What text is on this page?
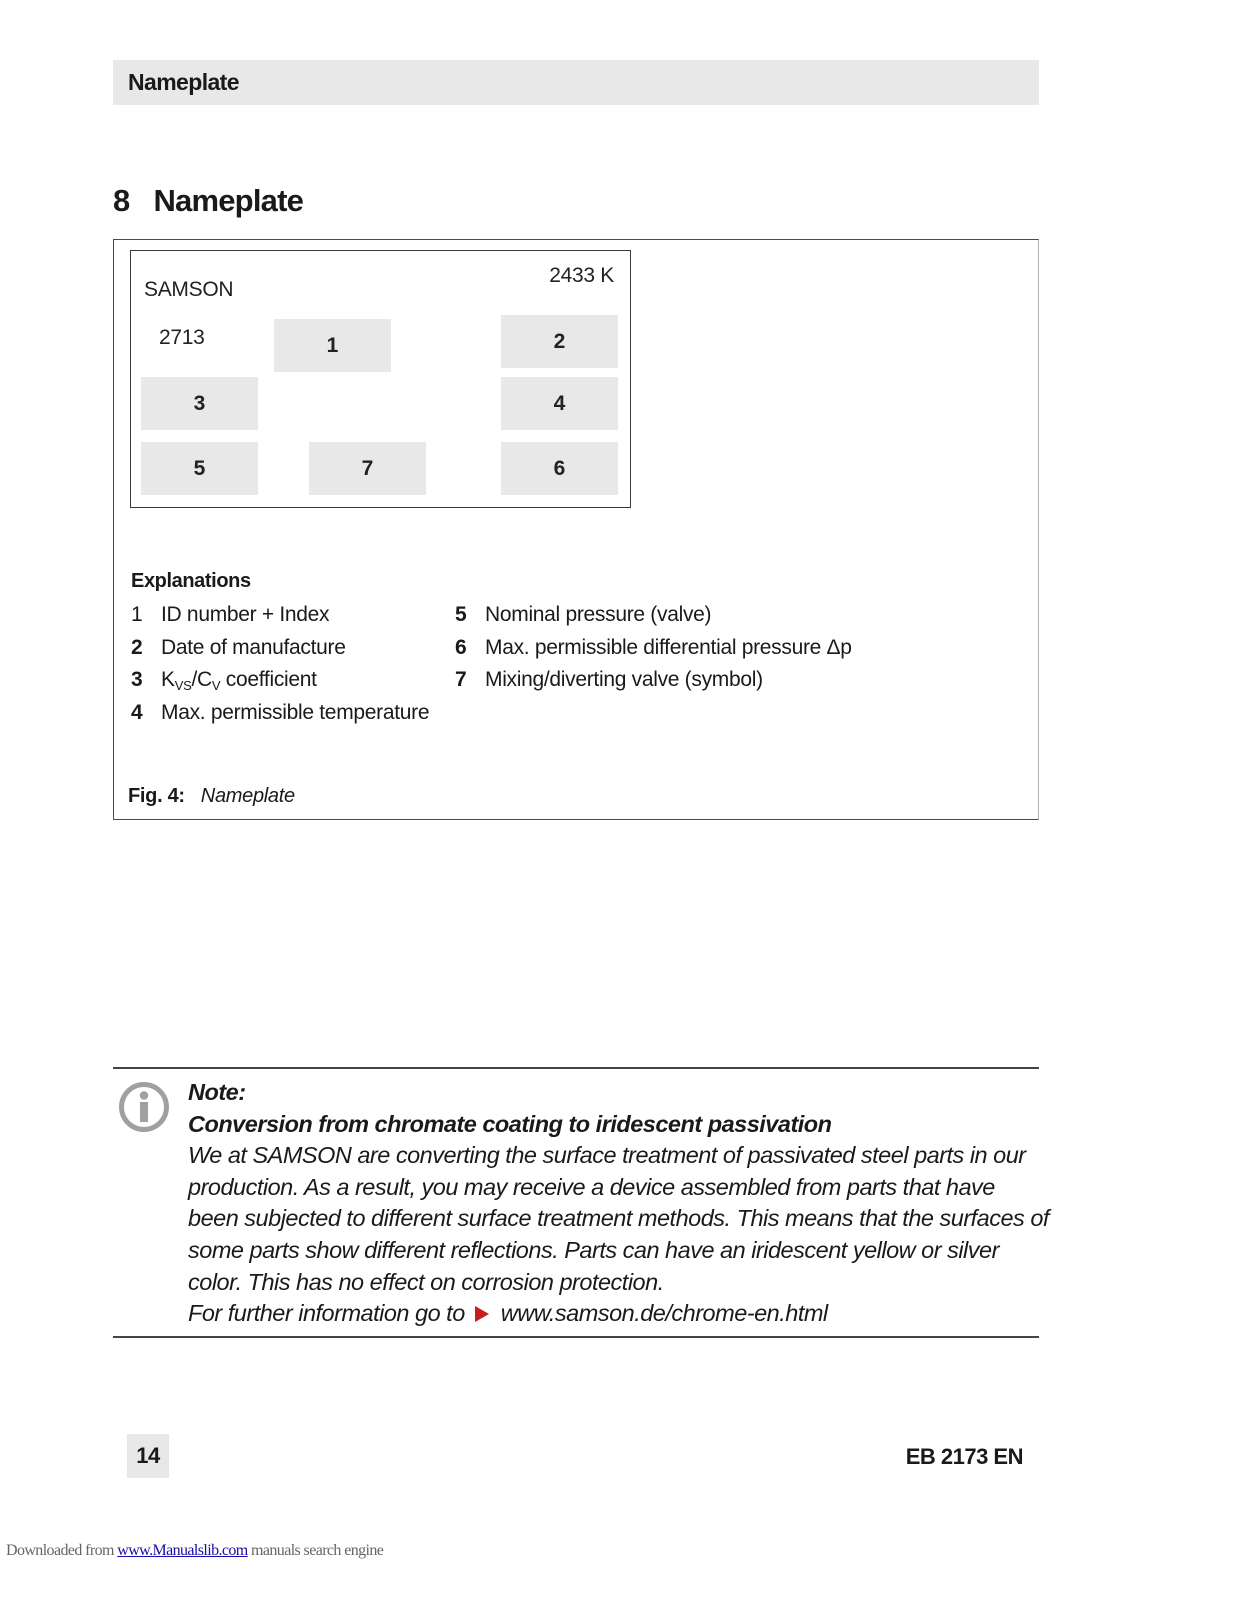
Nameplate
8 Nameplate
SAMSON
2433 K
2713	1	2
3	4
5	6
7
Explanations
1 ID number + Index
2 Date of manufacture
3 $K_{VS}/C_V$ coefficient
4 Max. permissible temperature
5 Nominal pressure (valve)
6 Max. permissible differential pressure Δp
7 Mixing/diverting valve (symbol)
Fig. 4: Nameplate
Note:
Conversion from chromate coating to iridescent passivation
We at SAMSON are converting the surface treatment of passivated steel parts in our
production. As a result, you may receive a device assembled from parts that have
been subjected to different surface treatment methods. This means that the surfaces of
some parts show different reflections. Parts can have an iridescent yellow or silver
color. This has no effect on corrosion protection.
For further information go to www.samson.de/chrome-en.html
14	EB 2173 EN
Downloaded from www.Manualslib.com manuals search engine
